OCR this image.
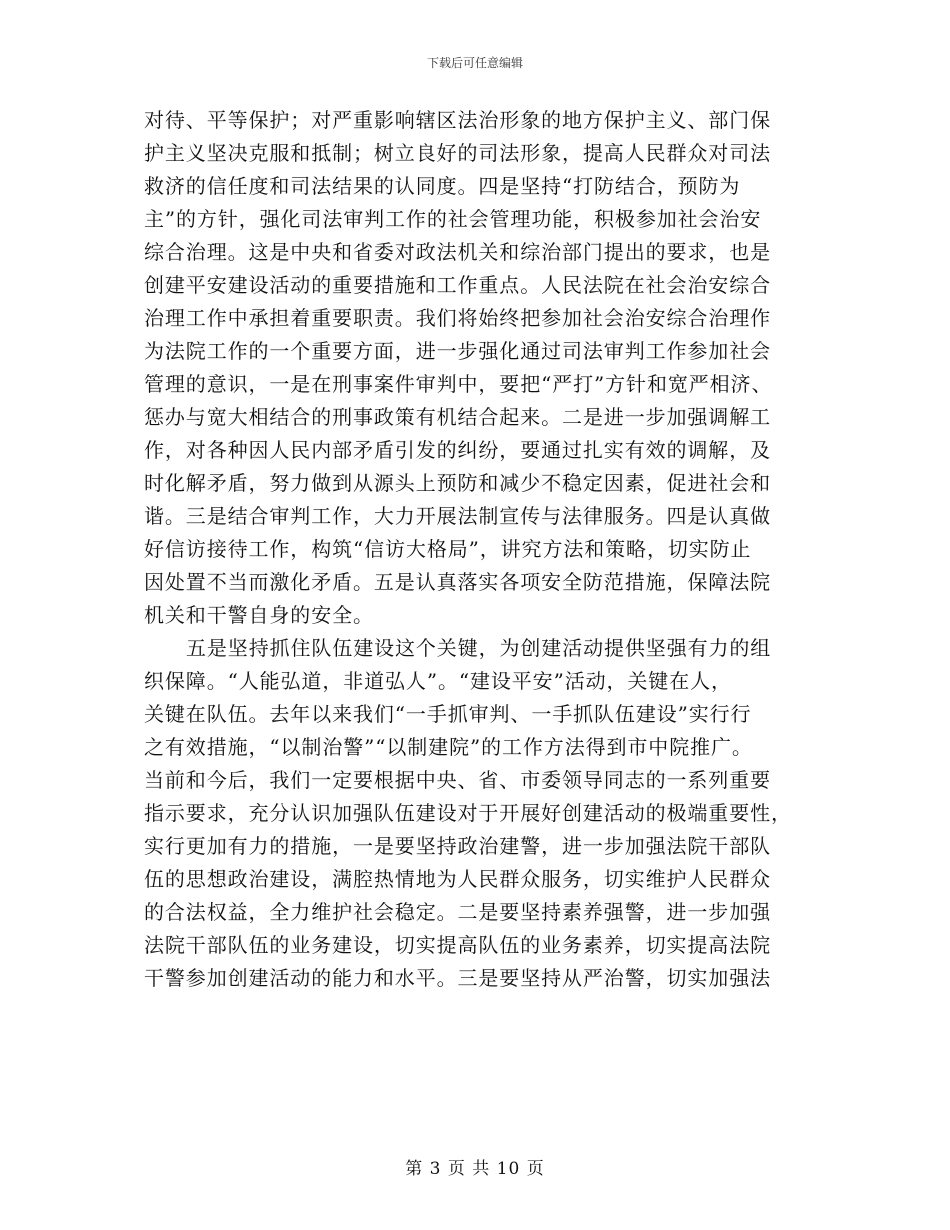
下载后可任意编辑
对待、平等保护；对严重影响辖区法治形象的地方保护主义、部门保
护主义坚决克服和抵制；树立良好的司法形象，提高人民群众对司法
救济的信任度和司法结果的认同度。四是坚持“打防结合，预防为
主”的方针，强化司法审判工作的社会管理功能，积极参加社会治安
综合治理。这是中央和省委对政法机关和综治部门提出的要求，也是
创建平安建设活动的重要措施和工作重点。人民法院在社会治安综合
治理工作中承担着重要职责。我们将始终把参加社会治安综合治理作
为法院工作的一个重要方面，进一步强化通过司法审判工作参加社会
管理的意识，一是在刑事案件审判中，要把“严打”方针和宽严相济、
惩办与宽大相结合的刑事政策有机结合起来。二是进一步加强调解工
作，对各种因人民内部矛盾引发的纠纷，要通过扎实有效的调解，及
时化解矛盾，努力做到从源头上预防和减少不稳定因素，促进社会和
谐。三是结合审判工作，大力开展法制宣传与法律服务。四是认真做
好信访接待工作，构筑“信访大格局”，讲究方法和策略，切实防止
因处置不当而激化矛盾。五是认真落实各项安全防范措施，保障法院
机关和干警自身的安全。
五是坚持抓住队伍建设这个关键，为创建活动提供坚强有力的组
织保障。“人能弘道，非道弘人”。“建设平安”活动，关键在人，
关键在队伍。去年以来我们“一手抓审判、一手抓队伍建设”实行行
之有效措施，“以制治警”“以制建院”的工作方法得到市中院推广。
当前和今后，我们一定要根据中央、省、市委领导同志的一系列重要
指示要求，充分认识加强队伍建设对于开展好创建活动的极端重要性，
实行更加有力的措施，一是要坚持政治建警，进一步加强法院干部队
伍的思想政治建设，满腔热情地为人民群众服务，切实维护人民群众
的合法权益，全力维护社会稳定。二是要坚持素养强警，进一步加强
法院干部队伍的业务建设，切实提高队伍的业务素养，切实提高法院
干警参加创建活动的能力和水平。三是要坚持从严治警，切实加强法
第 3 页 共 10 页
